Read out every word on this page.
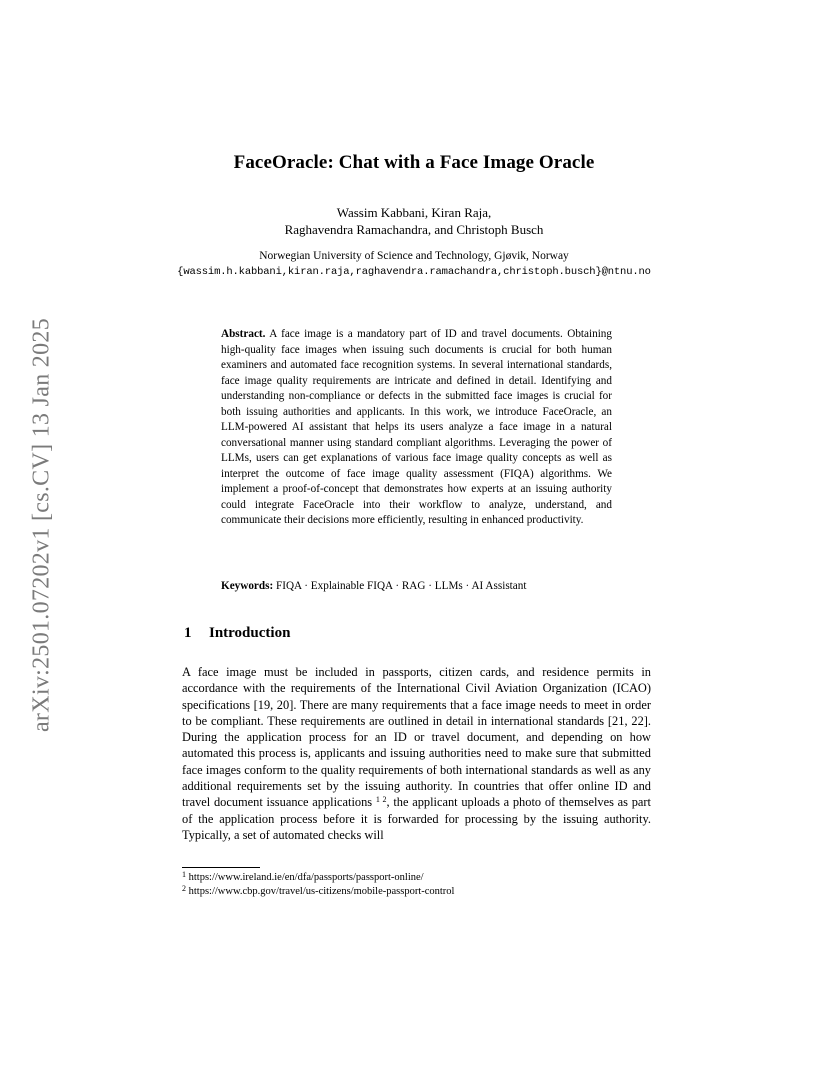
arXiv:2501.07202v1 [cs.CV] 13 Jan 2025
FaceOracle: Chat with a Face Image Oracle
Wassim Kabbani, Kiran Raja,
Raghavendra Ramachandra, and Christoph Busch
Norwegian University of Science and Technology, Gjøvik, Norway
{wassim.h.kabbani,kiran.raja,raghavendra.ramachandra,christoph.busch}@ntnu.no
Abstract. A face image is a mandatory part of ID and travel documents. Obtaining high-quality face images when issuing such documents is crucial for both human examiners and automated face recognition systems. In several international standards, face image quality requirements are intricate and defined in detail. Identifying and understanding non-compliance or defects in the submitted face images is crucial for both issuing authorities and applicants. In this work, we introduce FaceOracle, an LLM-powered AI assistant that helps its users analyze a face image in a natural conversational manner using standard compliant algorithms. Leveraging the power of LLMs, users can get explanations of various face image quality concepts as well as interpret the outcome of face image quality assessment (FIQA) algorithms. We implement a proof-of-concept that demonstrates how experts at an issuing authority could integrate FaceOracle into their workflow to analyze, understand, and communicate their decisions more efficiently, resulting in enhanced productivity.
Keywords: FIQA · Explainable FIQA · RAG · LLMs · AI Assistant
1 Introduction

A face image must be included in passports, citizen cards, and residence permits in accordance with the requirements of the International Civil Aviation Organization (ICAO) specifications [19, 20]. There are many requirements that a face image needs to meet in order to be compliant. These requirements are outlined in detail in international standards [21, 22]. During the application process for an ID or travel document, and depending on how automated this process is, applicants and issuing authorities need to make sure that submitted face images conform to the quality requirements of both international standards as well as any additional requirements set by the issuing authority. In countries that offer online ID and travel document issuance applications $^{1 2}$, the applicant uploads a photo of themselves as part of the application process before it is forwarded for processing by the issuing authority. Typically, a set of automated checks will

$^1$ https://www.ireland.ie/en/dfa/passports/passport-online/
$^2$ https://www.cbp.gov/travel/us-citizens/mobile-passport-control
